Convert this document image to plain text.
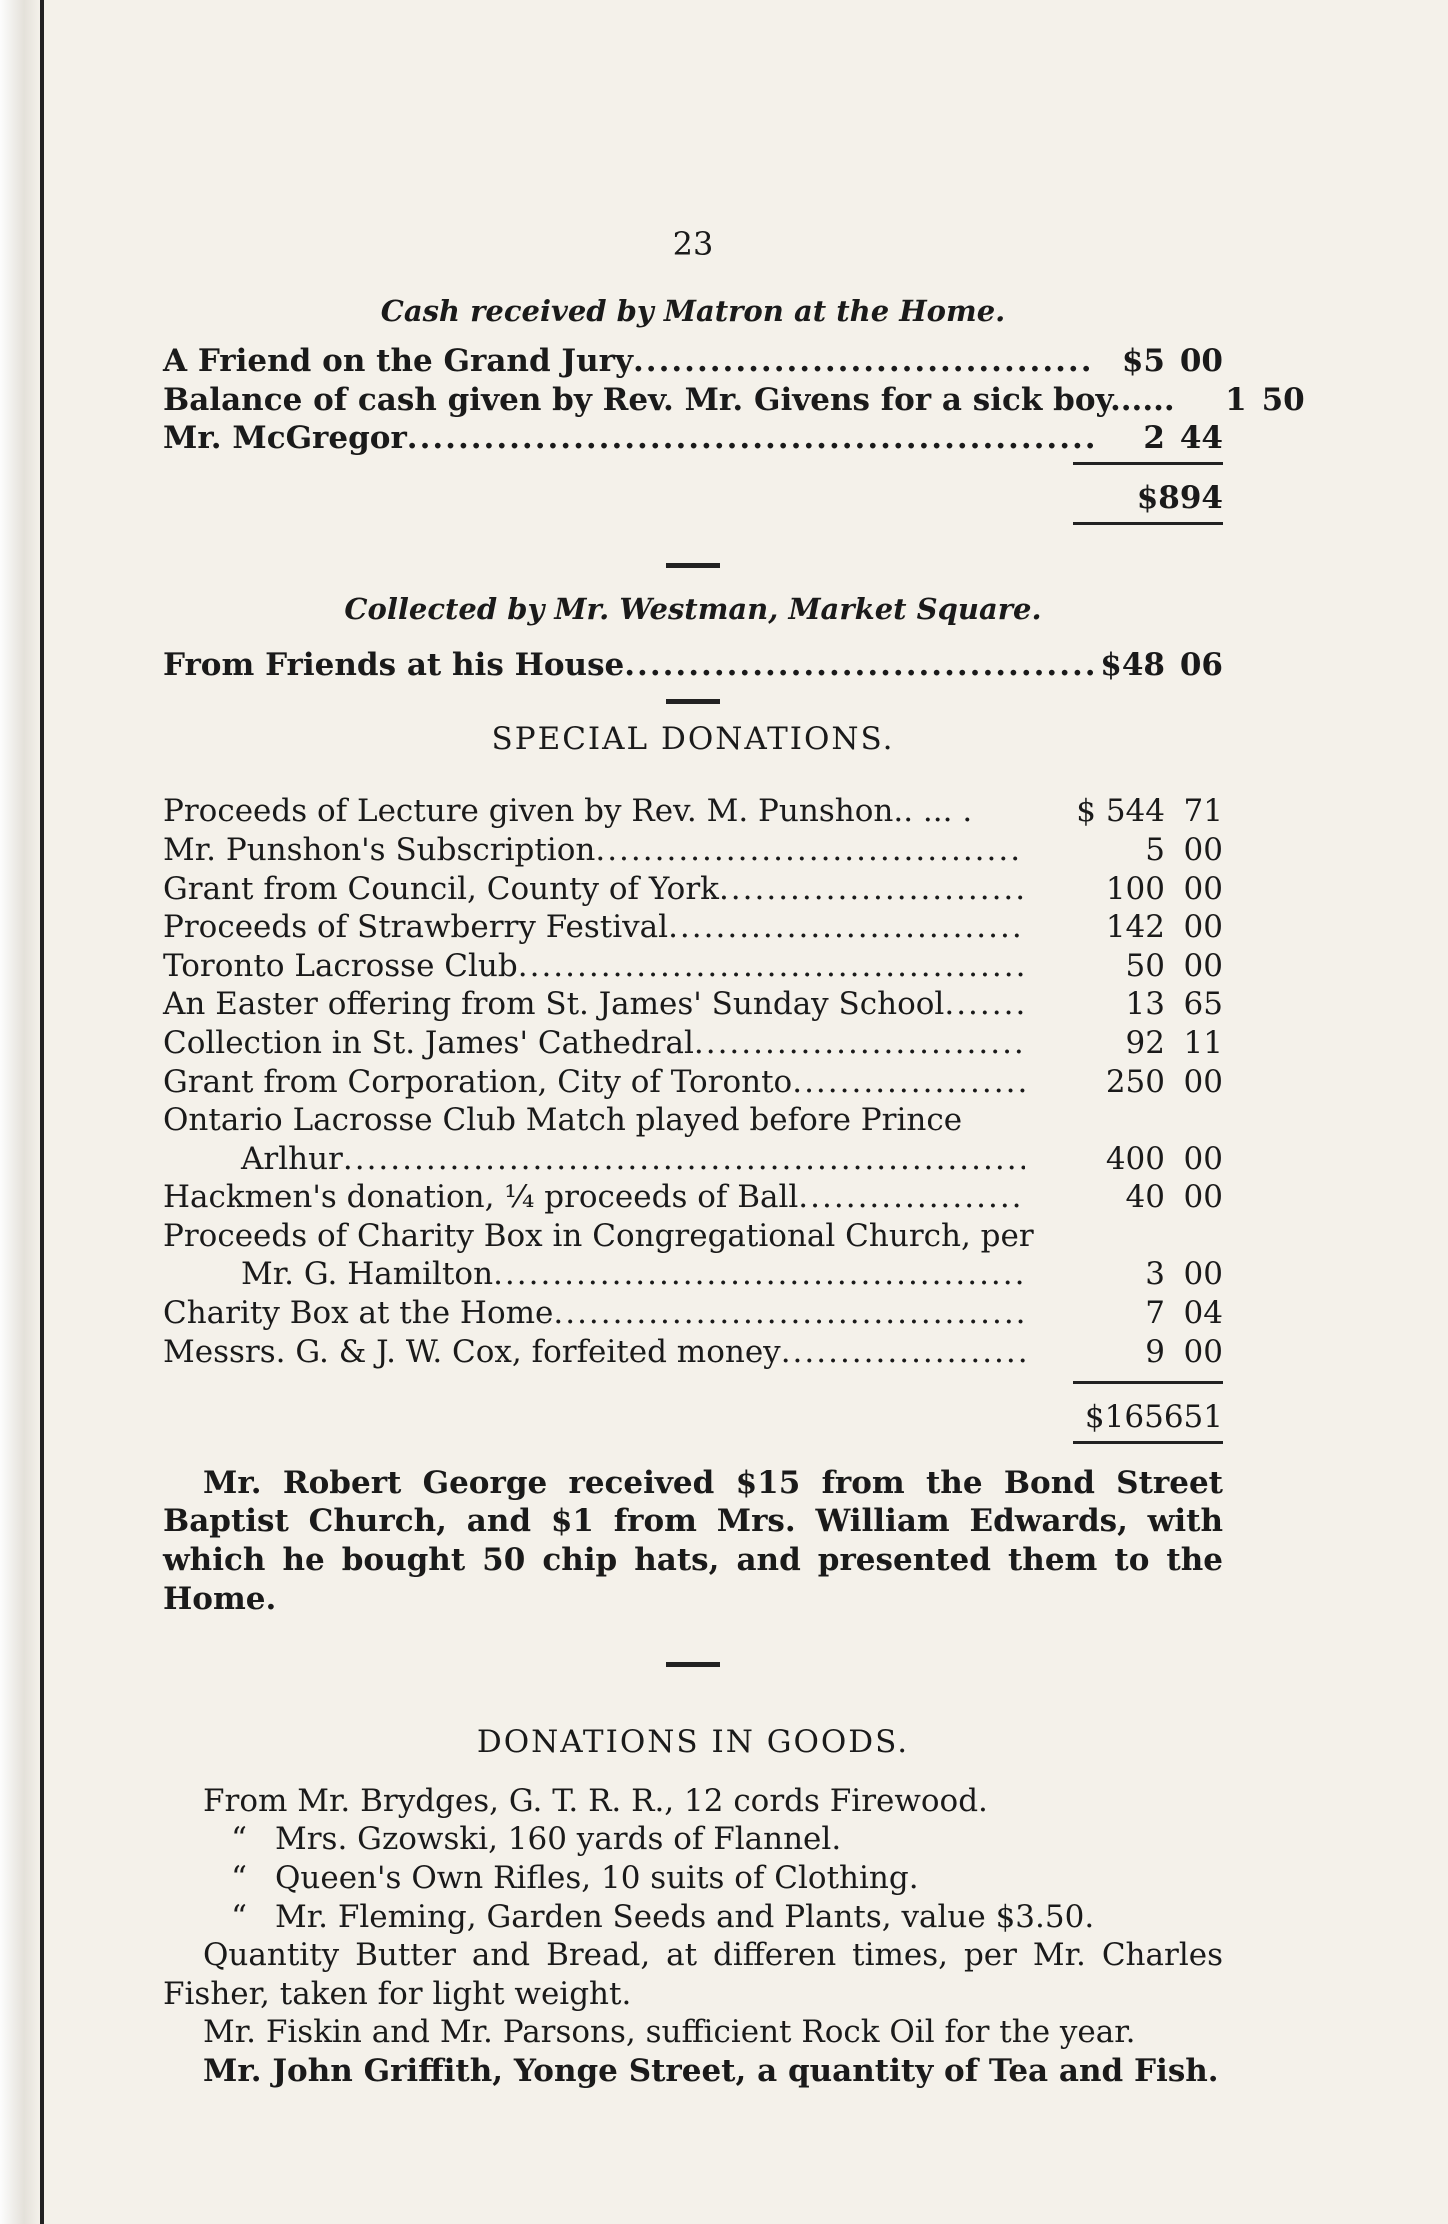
23
Cash received by Matron at the Home.
A Friend on the Grand Jury .....	$5 00
Balance of cash given by Rev. Mr. Givens for a sick boy......	1 50
Mr. McGregor .....	2 44
$894
Collected by Mr. Westman, Market Square.
From Friends at his House .....	$48 06
SPECIAL DONATIONS.
Proceeds of Lecture given by Rev. M. Punshon.. ... .	$ 544 71
Mr. Punshon's Subscription .....	5 00
Grant from Council, County of York .....	100 00
Proceeds of Strawberry Festival .....	142 00
Toronto Lacrosse Club .....	50 00
An Easter offering from St. James' Sunday School .....	13 65
Collection in St. James' Cathedral .....	92 11
Grant from Corporation, City of Toronto .....	250 00
Ontario Lacrosse Club Match played before Prince
Arlhur .....	400 00
Hackmen's donation, ¼ proceeds of Ball .....	40 00
Proceeds of Charity Box in Congregational Church, per
Mr. G. Hamilton .....	3 00
Charity Box at the Home .....	7 04
Messrs. G. & J. W. Cox, forfeited money .....	9 00
$165651

Mr. Robert George received $15 from the Bond Street Baptist Church, and $1 from Mrs. William Edwards, with which he bought 50 chip hats, and presented them to the Home.

DONATIONS IN GOODS.
From Mr. Brydges, G. T. R. R., 12 cords Firewood.
“ Mrs. Gzowski, 160 yards of Flannel.
“ Queen's Own Rifles, 10 suits of Clothing.
“ Mr. Fleming, Garden Seeds and Plants, value $3.50.

Quantity Butter and Bread, at differen times, per Mr. Charles Fisher, taken for light weight.

Mr. Fiskin and Mr. Parsons, sufficient Rock Oil for the year.

Mr. John Griffith, Yonge Street, a quantity of Tea and Fish.
